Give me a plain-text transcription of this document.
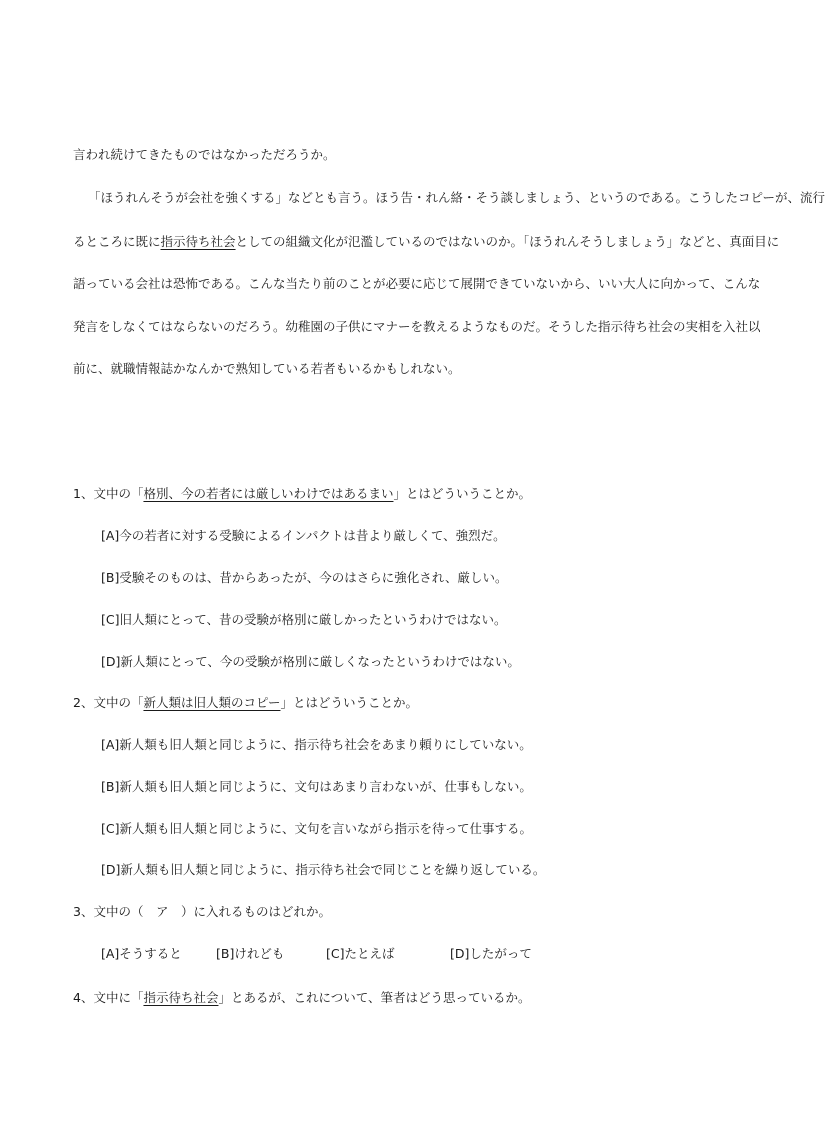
言われ続けてきたものではなかっただろうか。
「ほうれんそうが会社を強くする」などとも言う。ほう告・れん絡・そう談しましょう、というのである。こうしたコピーが、流行
るところに既に指示待ち社会としての組織文化が氾濫しているのではないのか。「ほうれんそうしましょう」などと、真面目に
語っている会社は恐怖である。こんな当たり前のことが必要に応じて展開できていないから、いい大人に向かって、こんな
発言をしなくてはならないのだろう。幼稚園の子供にマナーを教えるようなものだ。そうした指示待ち社会の実相を入社以
前に、就職情報誌かなんかで熟知している若者もいるかもしれない。
1、文中の「格別、今の若者には厳しいわけではあるまい」とはどういうことか。
[A]今の若者に対する受験によるインパクトは昔より厳しくて、強烈だ。
[B]受験そのものは、昔からあったが、今のはさらに強化され、厳しい。
[C]旧人類にとって、昔の受験が格別に厳しかったというわけではない。
[D]新人類にとって、今の受験が格別に厳しくなったというわけではない。
2、文中の「新人類は旧人類のコピー」とはどういうことか。
[A]新人類も旧人類と同じように、指示待ち社会をあまり頼りにしていない。
[B]新人類も旧人類と同じように、文句はあまり言わないが、仕事もしない。
[C]新人類も旧人類と同じように、文句を言いながら指示を待って仕事する。
[D]新人類も旧人類と同じように、指示待ち社会で同じことを繰り返している。
3、文中の（　ア　）に入れるものはどれか。
[A]そうすると	[B]けれども	[C]たとえば	[D]したがって
4、文中に「指示待ち社会」とあるが、これについて、筆者はどう思っているか。
